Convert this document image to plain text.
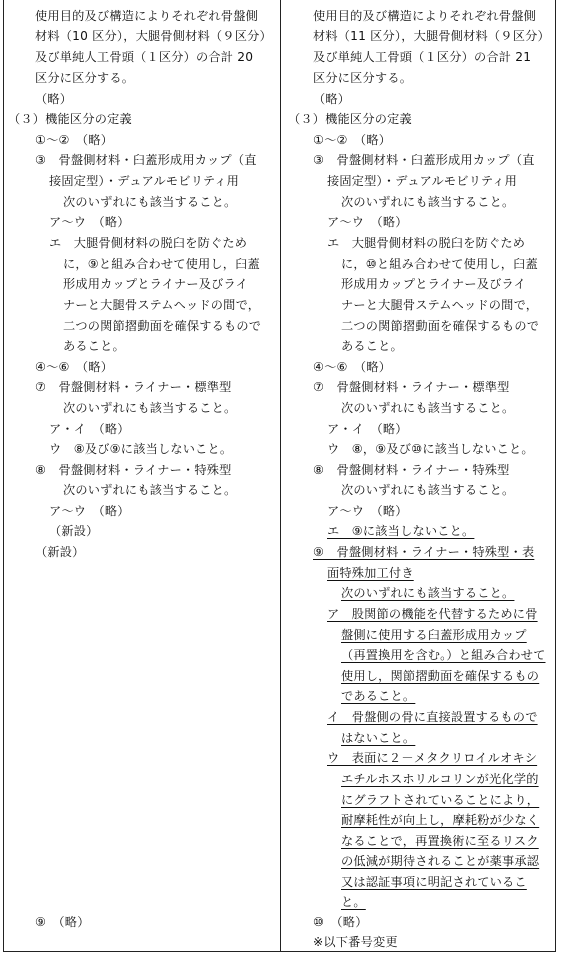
使用目的及び構造によりそれぞれ骨盤側
材料（10 区分），大腿骨側材料（９区分）
及び単純人工骨頭（１区分）の合計 20
区分に区分する。
（略）
（３）機能区分の定義
①～②　（略）
③　骨盤側材料・臼蓋形成用カップ（直
接固定型）・デュアルモビリティ用
次のいずれにも該当すること。
ア～ウ　（略）
エ　大腿骨側材料の脱臼を防ぐため
に，⑨と組み合わせて使用し，臼蓋
形成用カップとライナー及びライ
ナーと大腿骨ステムヘッドの間で，
二つの関節摺動面を確保するもので
あること。
④～⑥　（略）
⑦　骨盤側材料・ライナー・標準型
次のいずれにも該当すること。
ア・イ　（略）
ウ　⑧及び⑨に該当しないこと。
⑧　骨盤側材料・ライナー・特殊型
次のいずれにも該当すること。
ア～ウ　（略）
（新設）
（新設）
⑨　（略）
使用目的及び構造によりそれぞれ骨盤側
材料（11 区分），大腿骨側材料（９区分）
及び単純人工骨頭（１区分）の合計 21
区分に区分する。
（略）
（３）機能区分の定義
①～②　（略）
③　骨盤側材料・臼蓋形成用カップ（直
接固定型）・デュアルモビリティ用
次のいずれにも該当すること。
ア～ウ　（略）
エ　大腿骨側材料の脱臼を防ぐため
に，⑩と組み合わせて使用し，臼蓋
形成用カップとライナー及びライ
ナーと大腿骨ステムヘッドの間で，
二つの関節摺動面を確保するもので
あること。
④～⑥　（略）
⑦　骨盤側材料・ライナー・標準型
次のいずれにも該当すること。
ア・イ　（略）
ウ　⑧，⑨及び⑩に該当しないこと。
⑧　骨盤側材料・ライナー・特殊型
次のいずれにも該当すること。
ア～ウ　（略）
エ　⑨に該当しないこと。
⑨　骨盤側材料・ライナー・特殊型・表
面特殊加工付き
次のいずれにも該当すること。
ア　股関節の機能を代替するために骨
盤側に使用する臼蓋形成用カップ
（再置換用を含む。）と組み合わせて
使用し，関節摺動面を確保するもの
であること。
イ　骨盤側の骨に直接設置するもので
はないこと。
ウ　表面に２－メタクリロイルオキシ
エチルホスホリルコリンが光化学的
にグラフトされていることにより，
耐摩耗性が向上し，摩耗粉が少なく
なることで，再置換術に至るリスク
の低減が期待されることが薬事承認
又は認証事項に明記されているこ
と。
⑩　（略）
※以下番号変更
